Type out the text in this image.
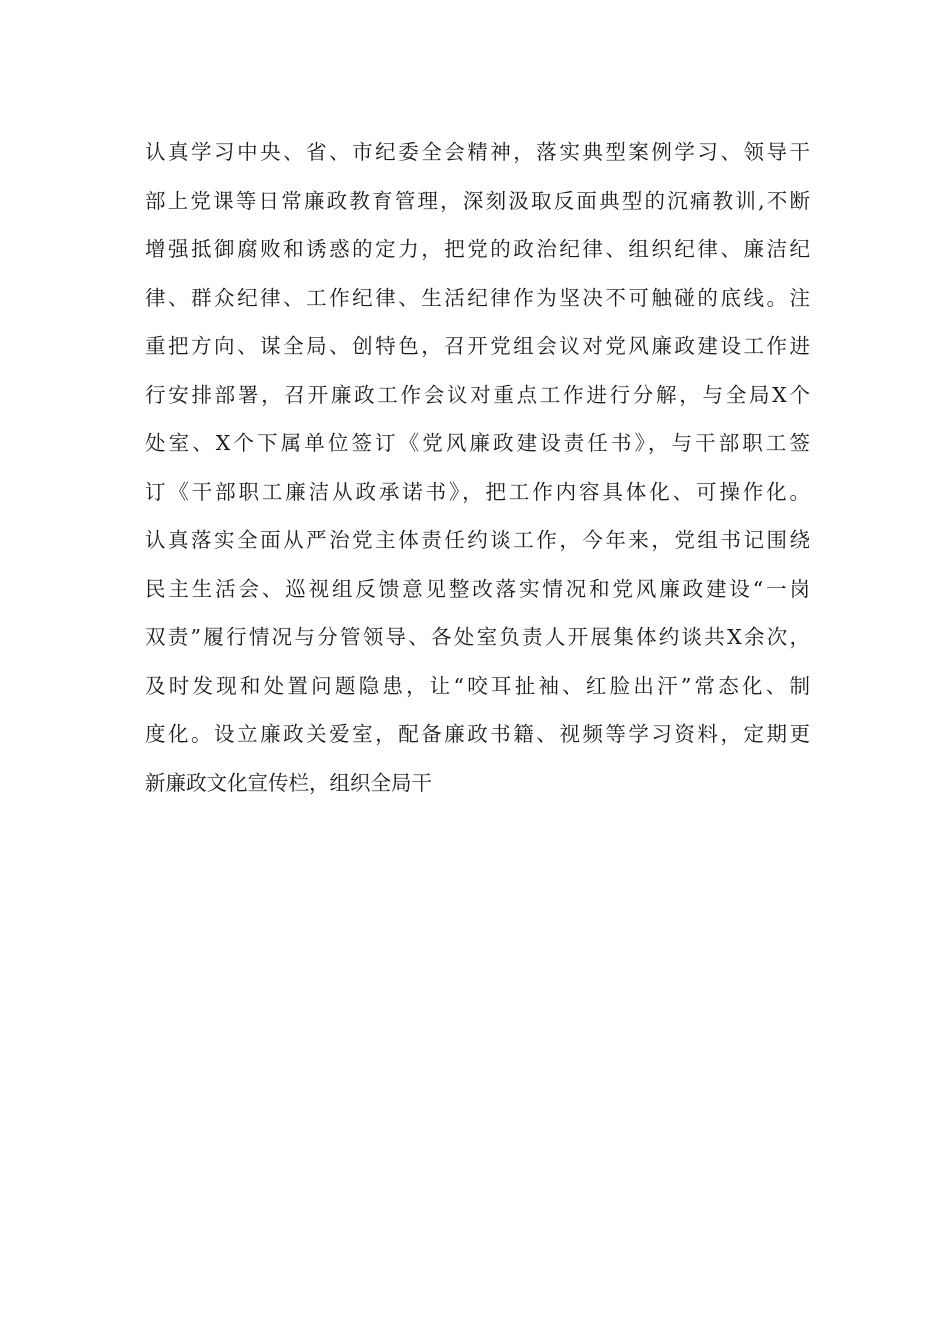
认真学习中央、省、市纪委全会精神，落实典型案例学习、领导干
部上党课等日常廉政教育管理，深刻汲取反面典型的沉痛教训,不断
增强抵御腐败和诱惑的定力，把党的政治纪律、组织纪律、廉洁纪
律、群众纪律、工作纪律、生活纪律作为坚决不可触碰的底线。注
重把方向、谋全局、创特色，召开党组会议对党风廉政建设工作进
行安排部署，召开廉政工作会议对重点工作进行分解，与全局X个
处室、X个下属单位签订《党风廉政建设责任书》，与干部职工签
订《干部职工廉洁从政承诺书》，把工作内容具体化、可操作化。
认真落实全面从严治党主体责任约谈工作，今年来，党组书记围绕
民主生活会、巡视组反馈意见整改落实情况和党风廉政建设“一岗
双责”履行情况与分管领导、各处室负责人开展集体约谈共X余次，
及时发现和处置问题隐患，让“咬耳扯袖、红脸出汗”常态化、制
度化。设立廉政关爱室，配备廉政书籍、视频等学习资料，定期更
新廉政文化宣传栏，组织全局干
